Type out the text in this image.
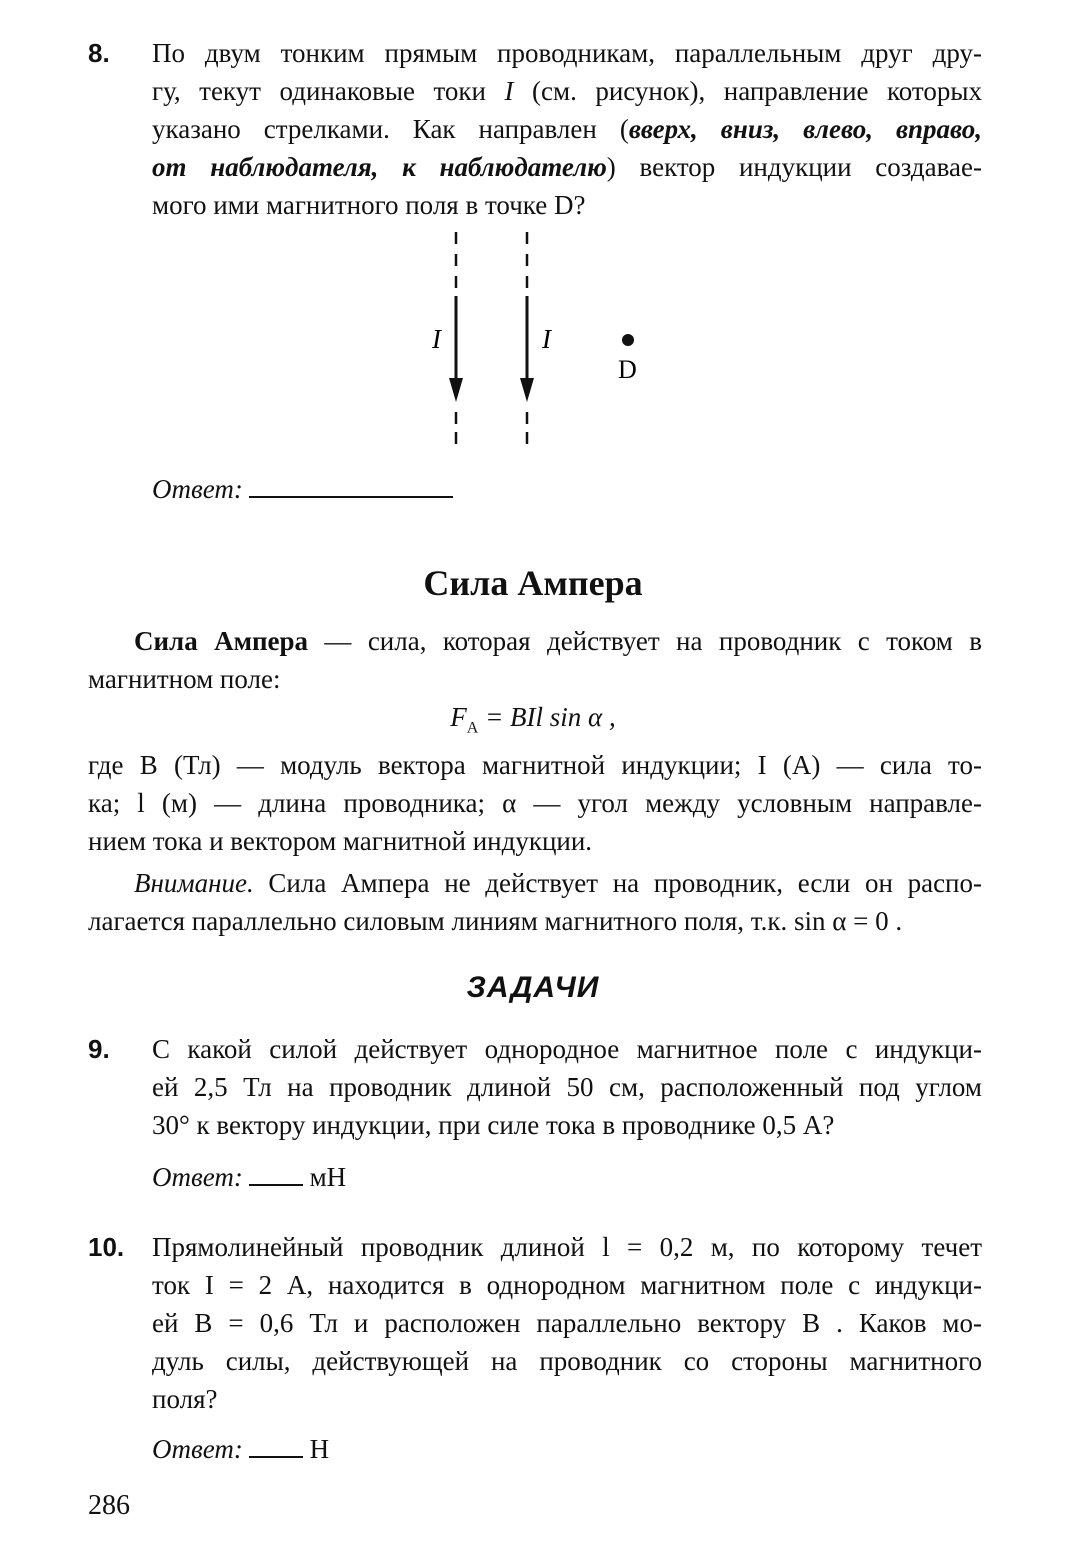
8. По двум тонким прямым проводникам, параллельным друг дру-
гу, текут одинаковые токи I (см. рисунок), направление которых
указано стрелками. Как направлен (вверх, вниз, влево, вправо,
от наблюдателя, к наблюдателю) вектор индукции создавае-
мого ими магнитного поля в точке D?
I	I
D
Ответ:
Сила Ампера
Сила Ампера — сила, которая действует на проводник с током в
магнитном поле:
$F_А$ = BIl sin α ,
где B (Тл) — модуль вектора магнитной индукции; I (А) — сила то-
ка; l (м) — длина проводника; α — угол между условным направле-
нием тока и вектором магнитной индукции.
Внимание. Сила Ампера не действует на проводник, если он распо-
лагается параллельно силовым линиям магнитного поля, т.к. sin α = 0 .
ЗАДАЧИ
9. С какой силой действует однородное магнитное поле с индукци-
ей 2,5 Тл на проводник длиной 50 см, расположенный под углом
30° к вектору индукции, при силе тока в проводнике 0,5 А?
Ответ: мН
10. Прямолинейный проводник длиной l = 0,2 м, по которому течет
ток I = 2 А, находится в однородном магнитном поле с индукци-
ей B = 0,6 Тл и расположен параллельно вектору B . Каков мо-
дуль силы, действующей на проводник со стороны магнитного
поля?
Ответ: Н
286
